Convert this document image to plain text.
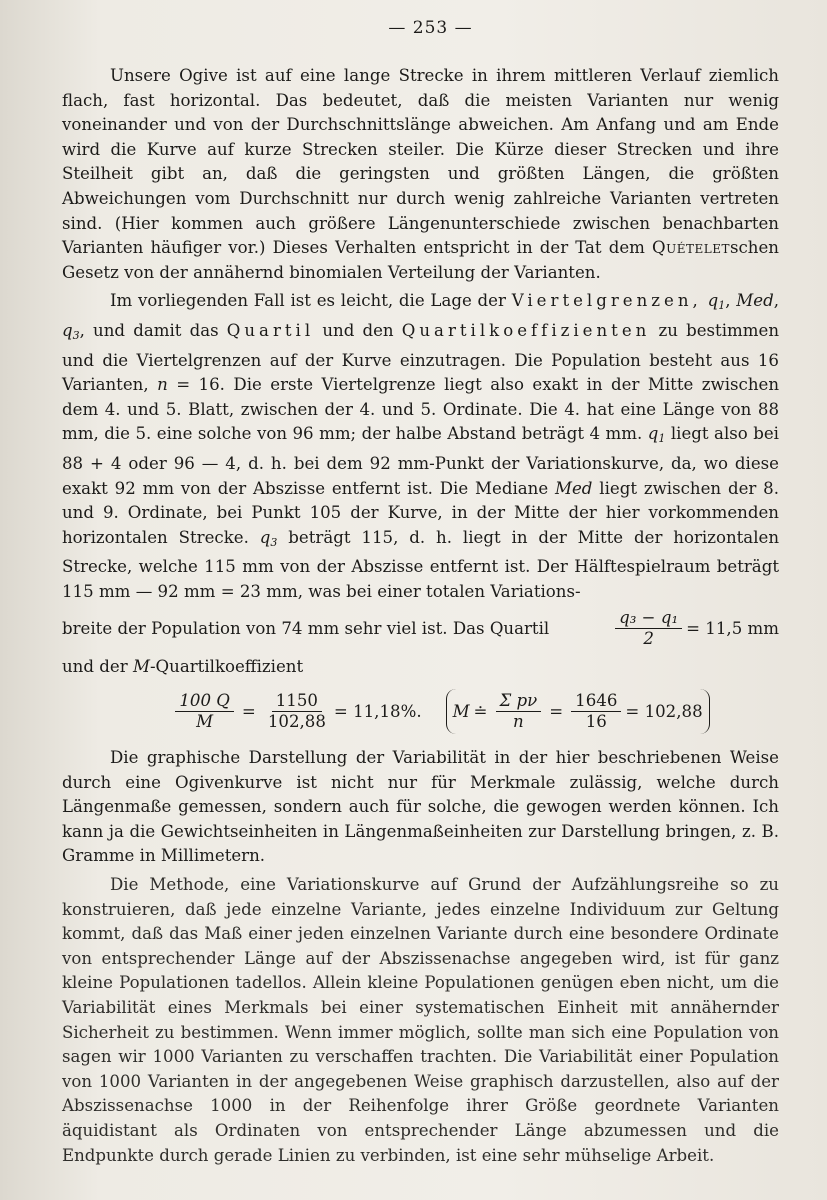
— 253 —

Unsere Ogive ist auf eine lange Strecke in ihrem mittleren Verlauf ziemlich flach, fast horizontal. Das bedeutet, daß die meisten Varianten nur wenig voneinander und von der Durchschnittslänge abweichen. Am Anfang und am Ende wird die Kurve auf kurze Strecken steiler. Die Kürze dieser Strecken und ihre Steilheit gibt an, daß die geringsten und größten Längen, die größten Abweichungen vom Durchschnitt nur durch wenig zahlreiche Varianten vertreten sind. (Hier kommen auch größere Längenunterschiede zwischen benachbarten Varianten häufiger vor.) Dieses Verhalten entspricht in der Tat dem Quételetschen Gesetz von der annähernd binomialen Verteilung der Varianten.

Im vorliegenden Fall ist es leicht, die Lage der Viertelgrenzen, $q_1$, Med, $q_3$, und damit das Quartil und den Quartilkoeffizienten zu bestimmen und die Viertelgrenzen auf der Kurve einzutragen. Die Population besteht aus 16 Varianten, n = 16. Die erste Viertelgrenze liegt also exakt in der Mitte zwischen dem 4. und 5. Blatt, zwischen der 4. und 5. Ordinate. Die 4. hat eine Länge von 88 mm, die 5. eine solche von 96 mm; der halbe Abstand beträgt 4 mm. $q_1$ liegt also bei 88 + 4 oder 96 — 4, d. h. bei dem 92 mm-Punkt der Variationskurve, da, wo diese exakt 92 mm von der Abszisse entfernt ist. Die Mediane Med liegt zwischen der 8. und 9. Ordinate, bei Punkt 105 der Kurve, in der Mitte der hier vorkommenden horizontalen Strecke. $q_3$ beträgt 115, d. h. liegt in der Mitte der horizontalen Strecke, welche 115 mm von der Abszisse entfernt ist. Der Hälftespielraum beträgt 115 mm — 92 mm = 23 mm, was bei einer totalen Variations-

breite der Population von 74 mm sehr viel ist. Das Quartil	$\frac{\text{q₃ − q₁}}{2} = 11,5$ mm

und der M-Quartilkoeffizient

$\frac{100 Q}{M} = \frac{1150}{102,88} = 11,18\%$. M ≐ $\frac{\text{Σ pν}}{n} = \frac{1646}{16} = 102,88$

Die graphische Darstellung der Variabilität in der hier beschriebenen Weise durch eine Ogivenkurve ist nicht nur für Merkmale zulässig, welche durch Längenmaße gemessen, sondern auch für solche, die gewogen werden können. Ich kann ja die Gewichtseinheiten in Längenmaßeinheiten zur Darstellung bringen, z. B. Gramme in Millimetern.

Die Methode, eine Variationskurve auf Grund der Aufzählungsreihe so zu konstruieren, daß jede einzelne Variante, jedes einzelne Individuum zur Geltung kommt, daß das Maß einer jeden einzelnen Variante durch eine besondere Ordinate von entsprechender Länge auf der Abszissenachse angegeben wird, ist für ganz kleine Populationen tadellos. Allein kleine Populationen genügen eben nicht, um die Variabilität eines Merkmals bei einer systematischen Einheit mit annähernder Sicherheit zu bestimmen. Wenn immer möglich, sollte man sich eine Population von sagen wir 1000 Varianten zu verschaffen trachten. Die Variabilität einer Population von 1000 Varianten in der angegebenen Weise graphisch darzustellen, also auf der Abszissenachse 1000 in der Reihenfolge ihrer Größe geordnete Varianten äquidistant als Ordinaten von entsprechender Länge abzumessen und die Endpunkte durch gerade Linien zu verbinden, ist eine sehr mühselige Arbeit.
